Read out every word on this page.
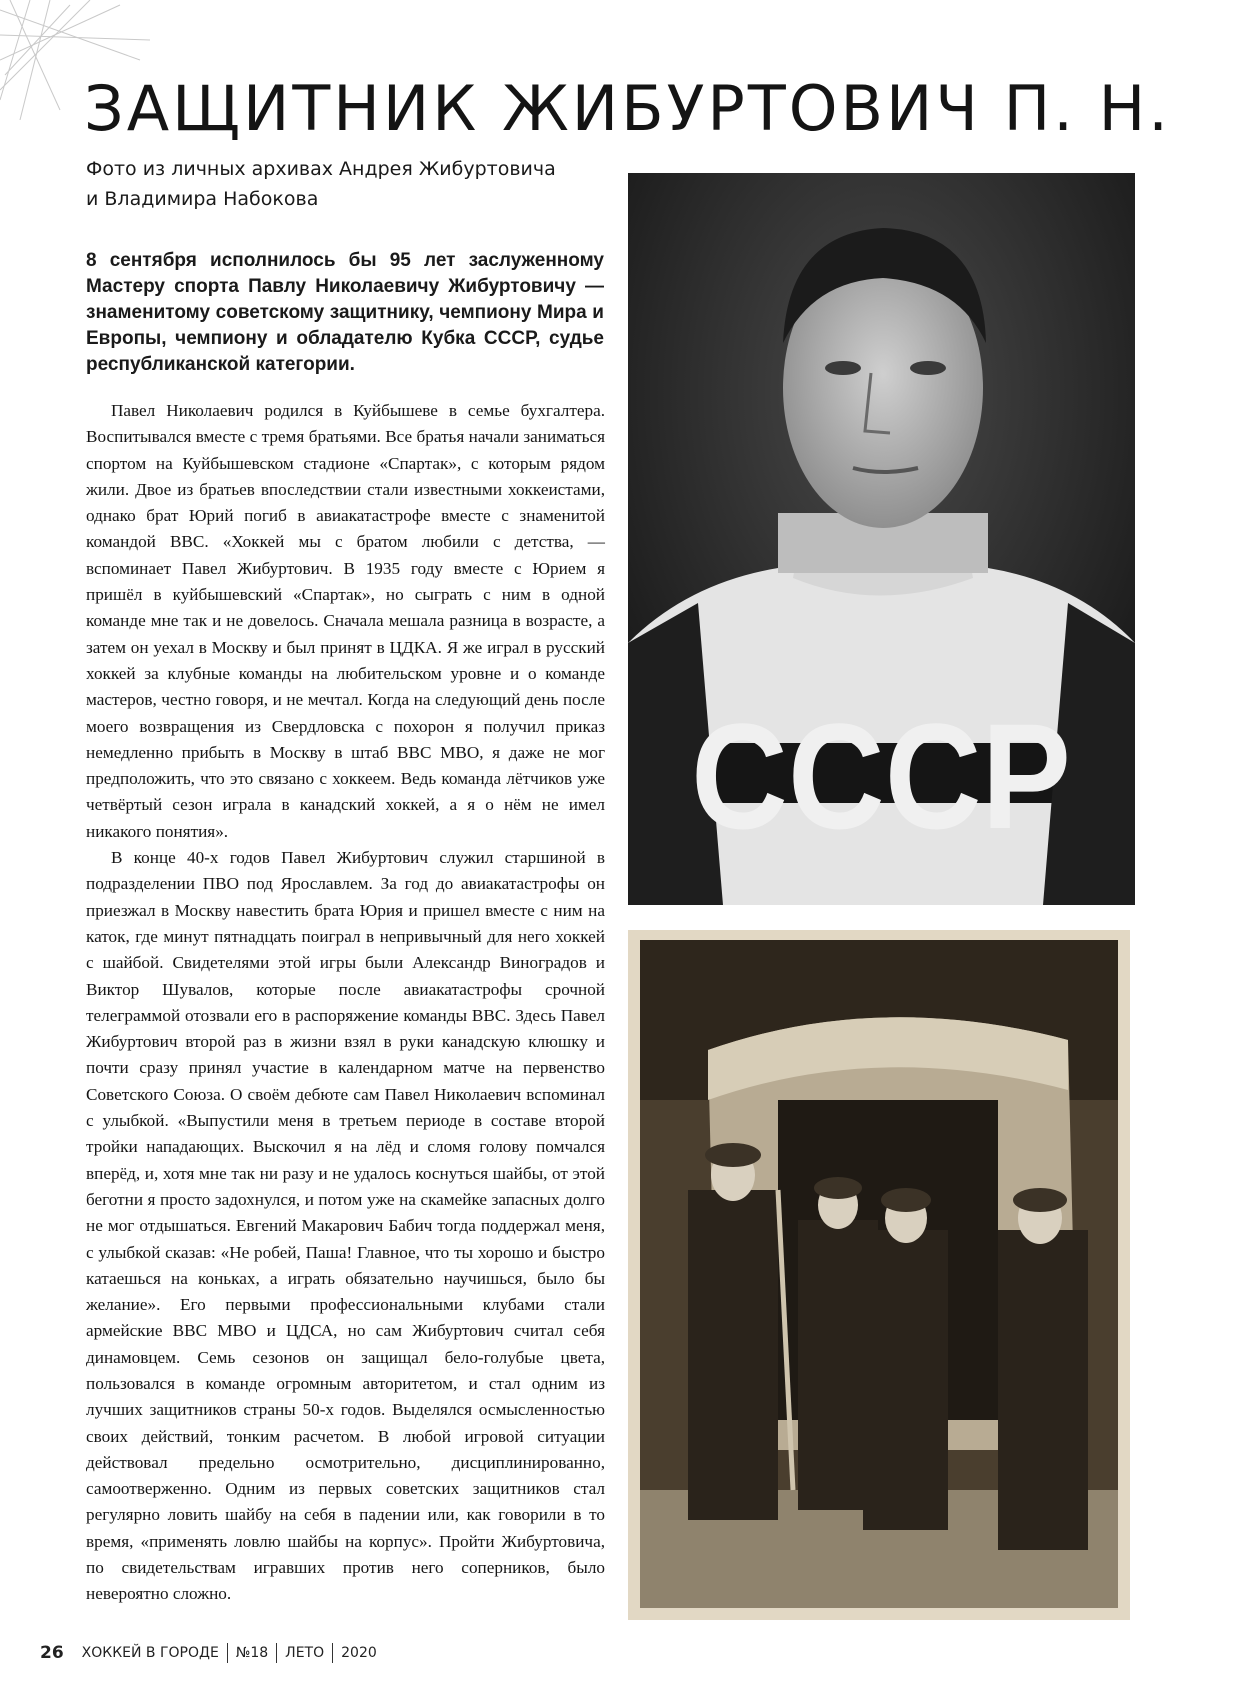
ЗАЩИТНИК ЖИБУРТОВИЧ П. Н.
Фото из личных архивах Андрея Жибуртовича
и Владимира Набокова
8 сентября исполнилось бы 95 лет заслуженному Мастеру спорта Павлу Николаевичу Жибуртовичу — знаменитому советскому защитнику, чемпиону Мира и Европы, чемпиону и обладателю Кубка СССР, судье республиканской категории.

Павел Николаевич родился в Куйбышеве в семье бухгалтера. Воспитывался вместе с тремя братьями. Все братья начали заниматься спортом на Куйбышевском стадионе «Спартак», с которым рядом жили. Двое из братьев впоследствии стали известными хоккеистами, однако брат Юрий погиб в авиакатастрофе вместе с знаменитой командой ВВС. «Хоккей мы с братом любили с детства, — вспоминает Павел Жибуртович. В 1935 году вместе с Юрием я пришёл в куйбышевский «Спартак», но сыграть с ним в одной команде мне так и не довелось. Сначала мешала разница в возрасте, а затем он уехал в Москву и был принят в ЦДКА. Я же играл в русский хоккей за клубные команды на любительском уровне и о команде мастеров, честно говоря, и не мечтал. Когда на следующий день после моего возвращения из Свердловска с похорон я получил приказ немедленно прибыть в Москву в штаб ВВС МВО, я даже не мог предположить, что это связано с хоккеем. Ведь команда лётчиков уже четвёртый сезон играла в канадский хоккей, а я о нём не имел никакого понятия».

В конце 40-х годов Павел Жибуртович служил старшиной в подразделении ПВО под Ярославлем. За год до авиакатастрофы он приезжал в Москву навестить брата Юрия и пришел вместе с ним на каток, где минут пятнадцать поиграл в непривычный для него хоккей с шайбой. Свидетелями этой игры были Александр Виноградов и Виктор Шувалов, которые после авиакатастрофы срочной телеграммой отозвали его в распоряжение команды ВВС. Здесь Павел Жибуртович второй раз в жизни взял в руки канадскую клюшку и почти сразу принял участие в календарном матче на первенство Советского Союза. О своём дебюте сам Павел Николаевич вспоминал с улыбкой. «Выпустили меня в третьем периоде в составе второй тройки нападающих. Выскочил я на лёд и сломя голову помчался вперёд, и, хотя мне так ни разу и не удалось коснуться шайбы, от этой беготни я просто задохнулся, и потом уже на скамейке запасных долго не мог отдышаться. Евгений Макарович Бабич тогда поддержал меня, с улыбкой сказав: «Не робей, Паша! Главное, что ты хорошо и быстро катаешься на коньках, а играть обязательно научишься, было бы желание». Его первыми профессиональными клубами стали армейские ВВС МВО и ЦДСА, но сам Жибуртович считал себя динамовцем. Семь сезонов он защищал бело-голубые цвета, пользовался в команде огромным авторитетом, и стал одним из лучших защитников страны 50-х годов. Выделялся осмысленностью своих действий, тонким расчетом. В любой игровой ситуации действовал предельно осмотрительно, дисциплинированно, самоотверженно. Одним из первых советских защитников стал регулярно ловить шайбу на себя в падении или, как говорили в то время, «применять ловлю шайбы на корпус». Пройти Жибуртовича, по свидетельствам игравших против него соперников, было невероятно сложно.

СССР
26 ХОККЕЙ В ГОРОДЕ №18 ЛЕТО 2020
